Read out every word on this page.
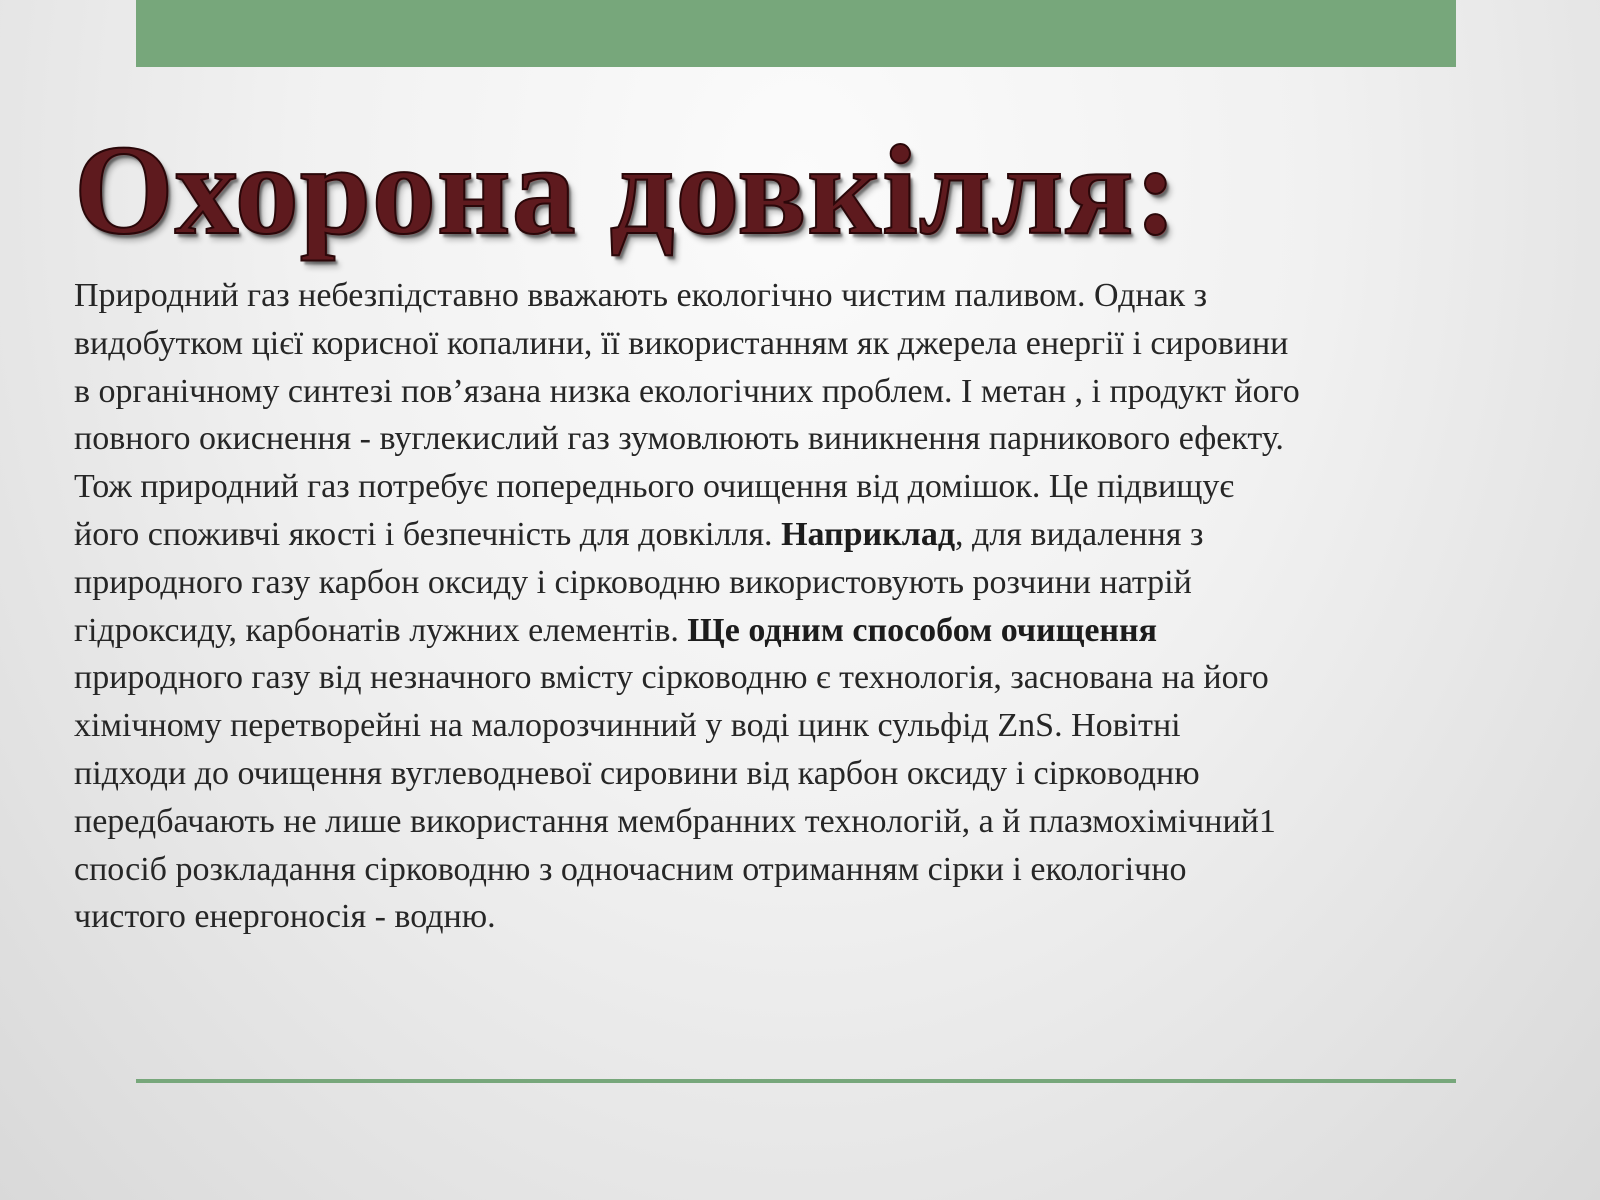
Охорона довкілля:

Природний газ небезпідставно вважають екологічно чистим паливом. Однак з
видобутком цієї корисної копалини, її використанням як джерела енергії і сировини
в органічному синтезі пов’язана низка екологічних проблем. І метан , і продукт його
повного окиснення - вуглекислий газ зумовлюють виникнення парникового ефекту.
Тож природний газ потребує попереднього очищення від домішок. Це підвищує
його споживчі якості і безпечність для довкілля. Наприклад, для видалення з
природного газу карбон оксиду і сірководню використовують розчини натрій
гідроксиду, карбонатів лужних елементів. Ще одним способом очищення
природного газу від незначного вмісту сірководню є технологія, заснована на його
хімічному перетворейні на малорозчинний у воді цинк сульфід ZnS. Новітні
підходи до очищення вуглеводневої сировини від карбон оксиду і сірководню
передбачають не лише використання мембранних технологій, а й плазмохімічний1
спосіб розкладання сірководню з одночасним отриманням сірки і екологічно
чистого енергоносія - водню.
